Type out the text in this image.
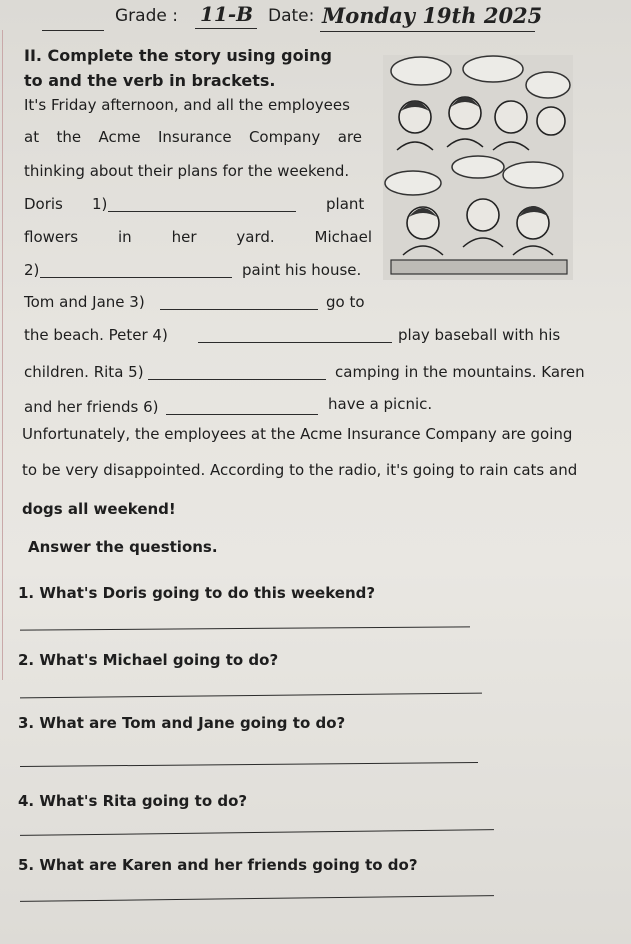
Grade : 11-B Date: Monday 19th 2025
II. Complete the story using going
to and the verb in brackets.
It's Friday afternoon, and all the employees
at the Acme Insurance Company are
thinking about their plans for the weekend.
Doris 1)	plant
flowers	in	her	yard.	Michael
2)	paint his house.
Tom and Jane 3)	go to
the beach. Peter 4)	play baseball with his
children. Rita 5)	camping in the mountains. Karen
and her friends 6)	have a picnic.
Unfortunately, the employees at the Acme Insurance Company are going
to be very disappointed. According to the radio, it's going to rain cats and
dogs all weekend!
Answer the questions.
1. What's Doris going to do this weekend?
2. What's Michael going to do?
3. What are Tom and Jane going to do?
4. What's Rita going to do?
5. What are Karen and her friends going to do?
